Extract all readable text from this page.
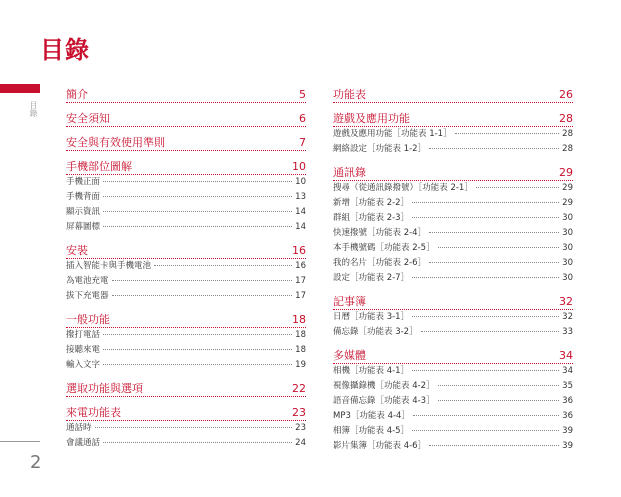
目錄
目錄
2
簡介	5
安全須知	6
安全與有效使用準則	7
手機部位圖解	10
手機正面	10
手機背面	13
顯示資訊	14
屏幕圖標	14
安裝	16
插入智能卡與手機電池	16
為電池充電	17
拔下充電器	17
一般功能	18
撥打電話	18
接聽來電	18
輸入文字	19
選取功能與選項	22
來電功能表	23
通話時	23
會議通話	24
功能表	26
遊戲及應用功能	28
遊戲及應用功能［功能表 1-1］	28
網絡設定［功能表 1-2］	28
通訊錄	29
搜尋（從通訊錄撥號）［功能表 2-1］	29
新增［功能表 2-2］	29
群組［功能表 2-3］	30
快速撥號［功能表 2-4］	30
本手機號碼［功能表 2-5］	30
我的名片［功能表 2-6］	30
設定［功能表 2-7］	30
記事簿	32
日曆［功能表 3-1］	32
備忘錄［功能表 3-2］	33
多媒體	34
相機［功能表 4-1］	34
視像攝錄機［功能表 4-2］	35
語音備忘錄［功能表 4-3］	36
MP3［功能表 4-4］	36
相簿［功能表 4-5］	39
影片集簿［功能表 4-6］	39
